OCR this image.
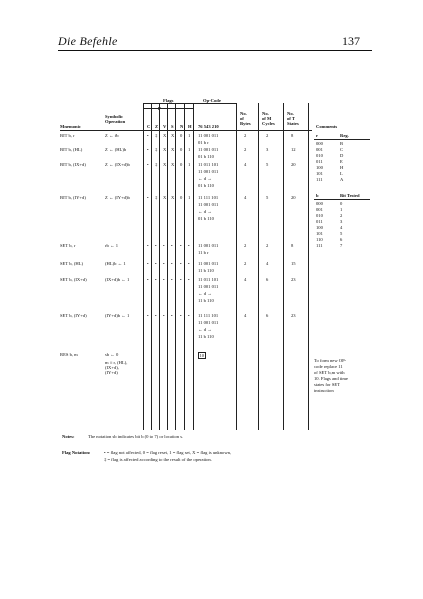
Die Befehle	137
Flags	Op-Code
P
Symbolic
Operation
Mnemonic	C Z V S N H 76 543 210
No.
of
Bytes
No.
of M
Cycles
No.
of T
States
Comments
BIT b, r	Z ← r̄b	• ‡ X X 0 1 11 001 011
01 b r
2	2	8
BIT b, (HL)	Z ← (HL)b	• ‡ X X 0 1 11 001 011
01 b 110
2	3	12
BIT b, (IX+d)	Z ← (IX+d)b	• ‡ X X 0 1 11 011 101
11 001 011
← d →
01 b 110
4	5	20
BIT b, (IY+d)	Z ← (IY+d)b	• ‡ X X 0 1 11 111 101
11 001 011
← d →
01 b 110
4	5	20
SET b, r	rb ← 1	• • • • • • 11 001 011
11 b r
2	2	8
SET b, (HL)	(HL)b ← 1	• • • • • • 11 001 011
11 b 110
2	4	15
SET b, (IX+d)	(IX+d)b ← 1	• • • • • • 11 011 101
11 001 011
← d →
11 b 110
4	6	23
SET b, (IY+d)	(IY+d)b ← 1	• • • • • • 11 111 101
11 001 011
← d →
11 b 110
4	6	23
RES b, m	sb ← 0	10
m ≡ r, (HL),
(IX+d),
(IY+d)
r	Reg.
000	B
001	C
010	D
011	E
100	H
101	L
111	A
b	Bit Tested
000	0
001	1
010	2
011	3
100	4
101	5
110	6
111	7
To form new OP-
code replace 11
of SET b,m with
10. Flags and time
states for SET
instruction
Notes:	The notation sb indicates bit b (0 to 7) or location s.
Flag Notation:	• = flag not affected, 0 = flag reset, 1 = flag set, X = flag is unknown,
‡ = flag is affected according to the result of the operation.
